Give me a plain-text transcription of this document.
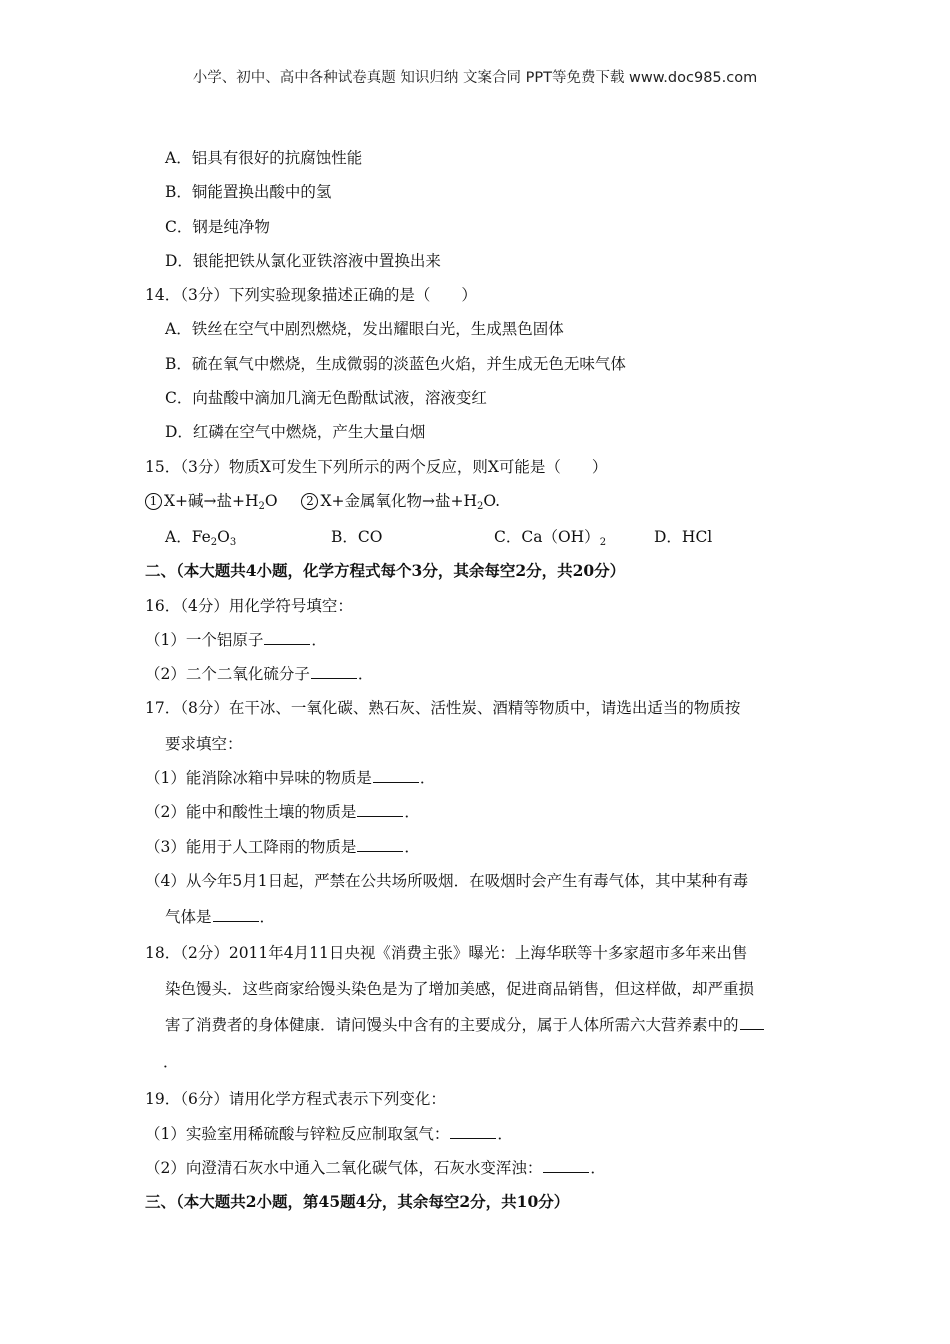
小学、初中、高中各种试卷真题 知识归纳 文案合同 PPT等免费下载 www.doc985.com
A．铝具有很好的抗腐蚀性能
B．铜能置换出酸中的氢
C．钢是纯净物
D．银能把铁从氯化亚铁溶液中置换出来
14．（3分）下列实验现象描述正确的是（　　）
A．铁丝在空气中剧烈燃烧，发出耀眼白光，生成黑色固体
B．硫在氧气中燃烧，生成微弱的淡蓝色火焰，并生成无色无味气体
C．向盐酸中滴加几滴无色酚酞试液，溶液变红
D．红磷在空气中燃烧，产生大量白烟
15．（3分）物质X可发生下列所示的两个反应，则X可能是（　　）
1 X+碱→盐$+H_2O$ 2 X+金属氧化物→盐$+H_2O$.
A．$Fe_2O_3$	B．CO	C．$Ca(OH)_2$	D．HCl
二、（本大题共4小题，化学方程式每个3分，其余每空2分，共20分）
16．（4分）用化学符号填空：
（1）一个铝原子	．
（2）二个二氧化硫分子	．
17．（8分）在干冰、一氧化碳、熟石灰、活性炭、酒精等物质中，请选出适当的物质按
要求填空：
（1）能消除冰箱中异味的物质是	．
（2）能中和酸性土壤的物质是	．
（3）能用于人工降雨的物质是	．
（4）从今年5月1日起，严禁在公共场所吸烟．在吸烟时会产生有毒气体，其中某种有毒
气体是	．
18．（2分）2011年4月11日央视《消费主张》曝光：上海华联等十多家超市多年来出售
染色馒头．这些商家给馒头染色是为了增加美感，促进商品销售，但这样做，却严重损
害了消费者的身体健康．请问馒头中含有的主要成分，属于人体所需六大营养素中的
．
19．（6分）请用化学方程式表示下列变化：
（1）实验室用稀硫酸与锌粒反应制取氢气：	．
（2）向澄清石灰水中通入二氧化碳气体，石灰水变浑浊：	．
三、（本大题共2小题，第45题4分，其余每空2分，共10分）
